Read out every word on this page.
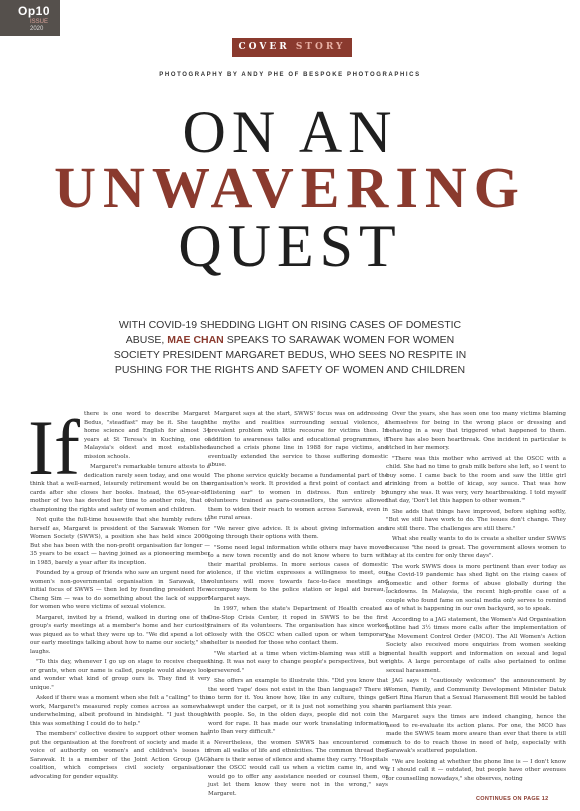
Op10
ISSUE
2020
COVER STORY
PHOTOGRAPHY BY ANDY PHE OF BESPOKE PHOTOGRAPHICS
ON AN
UNWAVERING
QUEST
WITH COVID-19 SHEDDING LIGHT ON RISING CASES OF DOMESTIC ABUSE, MAE CHAN SPEAKS TO SARAWAK WOMEN FOR WOMEN SOCIETY PRESIDENT MARGARET BEDUS, WHO SEES NO RESPITE IN PUSHING FOR THE RIGHTS AND SAFETY OF WOMEN AND CHILDREN
If there is one word to describe Margaret Bedus, "steadfast" may be it. She taught home science and English for almost 34 years at St Teresa's in Kuching, one of Malaysia's oldest and most established mission schools.

Margaret's remarkable tenure attests to a dedication rarely seen today, and one would think that a well-earned, leisurely retirement would be on the cards after she closes her books. Instead, the 65-year-old mother of two has devoted her time to another role, that of championing the rights and safety of women and children.

Not quite the full-time housewife that she humbly refers to herself as, Margaret is president of the Sarawak Women for Women Society (SWWS), a position she has held since 2000. But she has been with the non-profit organisation far longer — 35 years to be exact — having joined as a pioneering member in 1985, barely a year after its inception.

Founded by a group of friends who saw an urgent need for a women's non-governmental organisation in Sarawak, the initial focus of SWWS — then led by founding president Hew Cheng Sim — was to do something about the lack of support for women who were victims of sexual violence.

Margaret, invited by a friend, walked in during one of the group's early meetings at a member's home and her curiosity was piqued as to what they were up to. "We did spend a lot of our early meetings talking about how to name our society," she laughs.

"To this day, whenever I go up on stage to receive cheques or grants, when our name is called, people would always look and wonder what kind of group ours is. They find it very unique."

Asked if there was a moment when she felt a "calling" to this work, Margaret's measured reply comes across as somewhat underwhelming, albeit profound in hindsight. "I just thought this was something I could do to help."

The members' collective desire to support other women has put the organisation at the forefront of society and made it a voice of authority on women's and children's issues in Sarawak. It is a member of the Joint Action Group (JAG) coalition, which comprises civil society organisations advocating for gender equality.

Margaret says at the start, SWWS' focus was on addressing the myths and realities surrounding sexual violence, a prevalent problem with little recourse for victims then. In addition to awareness talks and educational programmes, it launched a crisis phone line in 1988 for rape victims, and eventually extended the service to those suffering domestic abuse.

The phone service quickly became a fundamental part of the organisation's work. It provided a first point of contact and a "listening ear" to women in distress. Run entirely by volunteers trained as para-counsellors, the service allowed them to widen their reach to women across Sarawak, even in the rural areas.

"We never give advice. It is about giving information and going through their options with them.

"Some need legal information while others may have moved to a new town recently and do not know where to turn with their marital problems. In more serious cases of domestic violence, if the victim expresses a willingness to meet, our volunteers will move towards face-to-face meetings and accompany them to the police station or legal aid bureau," Margaret says.

In 1997, when the state's Department of Health created a One-Stop Crisis Center, it roped in SWWS to be the first trainers of its volunteers. The organisation has since worked closely with the OSCC when called upon or when temporary shelter is needed for those who contact them.

"We started at a time when victim-blaming was still a big thing. It was not easy to change people's perspectives, but we persevered."

She offers an example to illustrate this. "Did you know that the word 'rape' does not exist in the Iban language? There is no term for it. You know how, like in any culture, things get swept under the carpet, or it is just not something you share with people. So, in the olden days, people did not coin the word for rape. It has made our work translating information into Iban very difficult."

Nevertheless, the women SWWS has encountered come from all walks of life and ethnicities. The common thread they share is their sense of silence and shame they carry. "Hospitals or the OSCC would call us when a victim came in, and we would go to offer any assistance needed or counsel them, or just let them know they were not in the wrong," says Margaret.

Over the years, she has seen one too many victims blaming themselves for being in the wrong place or dressing and behaving in a way that triggered what happened to them. There has also been heartbreak. One incident in particular is etched in her memory.

"There was this mother who arrived at the OSCC with a child. She had no time to grab milk before she left, so I went to buy some. I came back to the room and saw the little girl drinking from a bottle of kicap, soy sauce. That was how hungry she was. It was very, very heartbreaking. I told myself that day, 'Don't let this happen to other women.'"

She adds that things have improved, before sighing softly, "But we still have work to do. The issues don't change. They are still there. The challenges are still there."

What she really wants to do is create a shelter under SWWS because "the need is great. The government allows women to stay at its centre for only three days".

The work SWWS does is more pertinent than ever today as the Covid-19 pandemic has shed light on the rising cases of domestic and other forms of abuse globally during the lockdowns. In Malaysia, the recent high-profile case of a couple who found fame on social media only serves to remind us of what is happening in our own backyard, so to speak.

According to a JAG statement, the Women's Aid Organisation hotline had 3½ times more calls after the implementation of the Movement Control Order (MCO). The All Women's Action Society also received more enquiries from women seeking mental health support and information on sexual and legal rights. A large percentage of calls also pertained to online sexual harassment.

JAG says it "cautiously welcomes" the announcement by Women, Family, and Community Development Minister Datuk Seri Rina Harun that a Sexual Harassment Bill would be tabled in parliament this year.

Margaret says the times are indeed changing, hence the need to re-evaluate its action plans. For one, the MCO has made the SWWS team more aware than ever that there is still much to do to reach those in need of help, especially with Sarawak's scattered population.

"We are looking at whether the phone line is — I don't know if I should call it — outdated, but people have other avenues for counselling nowadays," she observes, noting

CONTINUES ON PAGE 12
